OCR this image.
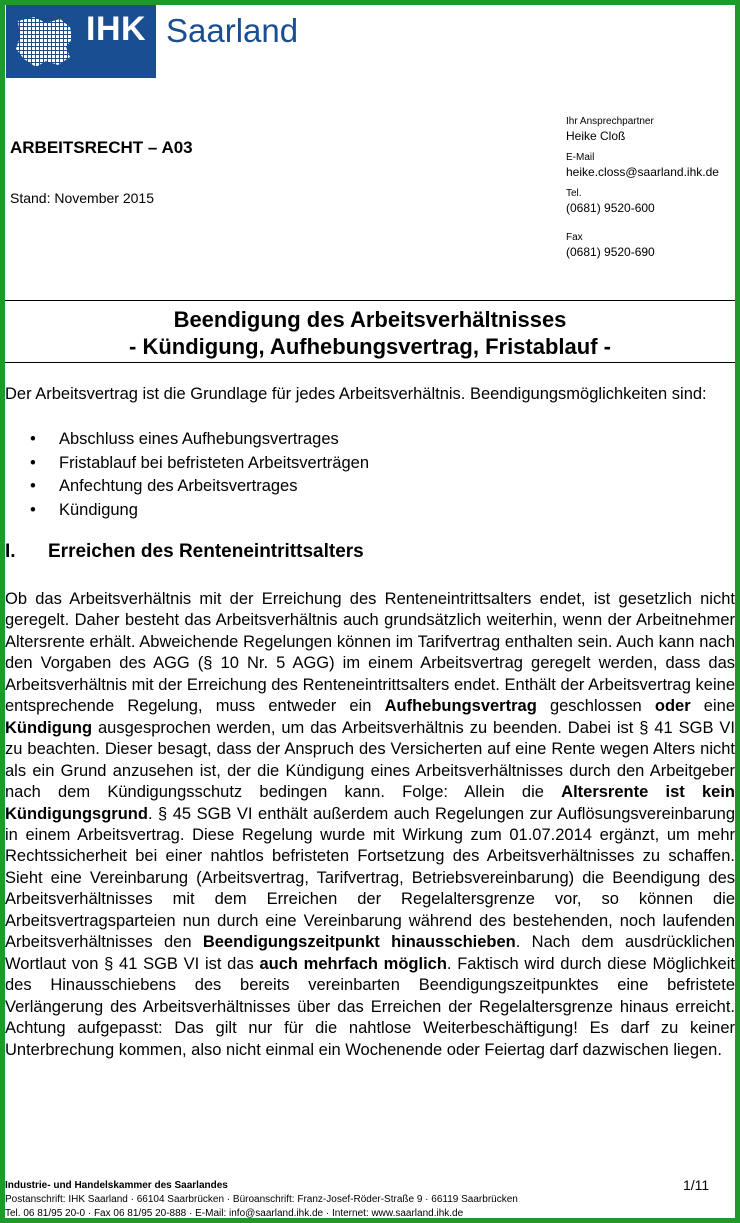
IHK Saarland
ARBEITSRECHT – A03
Stand: November 2015
Ihr Ansprechpartner
Heike Cloß
E-Mail
heike.closs@saarland.ihk.de
Tel.
(0681) 9520-600
Fax
(0681) 9520-690
Beendigung des Arbeitsverhältnisses
- Kündigung, Aufhebungsvertrag, Fristablauf -
Der Arbeitsvertrag ist die Grundlage für jedes Arbeitsverhältnis. Beendigungsmöglichkeiten sind:
• Abschluss eines Aufhebungsvertrages
• Fristablauf bei befristeten Arbeitsverträgen
• Anfechtung des Arbeitsvertrages
• Kündigung
I. Erreichen des Renteneintrittsalters
Ob das Arbeitsverhältnis mit der Erreichung des Renteneintrittsalters endet, ist gesetzlich nicht geregelt. Daher besteht das Arbeitsverhältnis auch grundsätzlich weiterhin, wenn der Arbeitnehmer Altersrente erhält. Abweichende Regelungen können im Tarifvertrag enthalten sein. Auch kann nach den Vorgaben des AGG (§ 10 Nr. 5 AGG) im einem Arbeitsvertrag geregelt werden, dass das Arbeitsverhältnis mit der Erreichung des Renteneintrittsalters endet. Enthält der Arbeitsvertrag keine entsprechende Regelung, muss entweder ein Aufhebungsvertrag geschlossen oder eine Kündigung ausgesprochen werden, um das Arbeitsverhältnis zu beenden. Dabei ist § 41 SGB VI zu beachten. Dieser besagt, dass der Anspruch des Versicherten auf eine Rente wegen Alters nicht als ein Grund anzusehen ist, der die Kündigung eines Arbeitsverhältnisses durch den Arbeitgeber nach dem Kündigungsschutz bedingen kann. Folge: Allein die Altersrente ist kein Kündigungsgrund. § 45 SGB VI enthält außerdem auch Regelungen zur Auflösungsvereinbarung in einem Arbeitsvertrag. Diese Regelung wurde mit Wirkung zum 01.07.2014 ergänzt, um mehr Rechtssicherheit bei einer nahtlos befristeten Fortsetzung des Arbeitsverhältnisses zu schaffen. Sieht eine Vereinbarung (Arbeitsvertrag, Tarifvertrag, Betriebsvereinbarung) die Beendigung des Arbeitsverhältnisses mit dem Erreichen der Regelaltersgrenze vor, so können die Arbeitsvertragsparteien nun durch eine Vereinbarung während des bestehenden, noch laufenden Arbeitsverhältnisses den Beendigungszeitpunkt hinausschieben. Nach dem ausdrücklichen Wortlaut von § 41 SGB VI ist das auch mehrfach möglich. Faktisch wird durch diese Möglichkeit des Hinausschiebens des bereits vereinbarten Beendigungszeitpunktes eine befristete Verlängerung des Arbeitsverhältnisses über das Erreichen der Regelaltersgrenze hinaus erreicht. Achtung aufgepasst: Das gilt nur für die nahtlose Weiterbeschäftigung! Es darf zu keiner Unterbrechung kommen, also nicht einmal ein Wochenende oder Feiertag darf dazwischen liegen.
Industrie- und Handelskammer des Saarlandes
Postanschrift: IHK Saarland · 66104 Saarbrücken · Büroanschrift: Franz-Josef-Röder-Straße 9 · 66119 Saarbrücken
Tel. 06 81/95 20-0 · Fax 06 81/95 20-888 · E-Mail: info@saarland.ihk.de · Internet: www.saarland.ihk.de
1/11
